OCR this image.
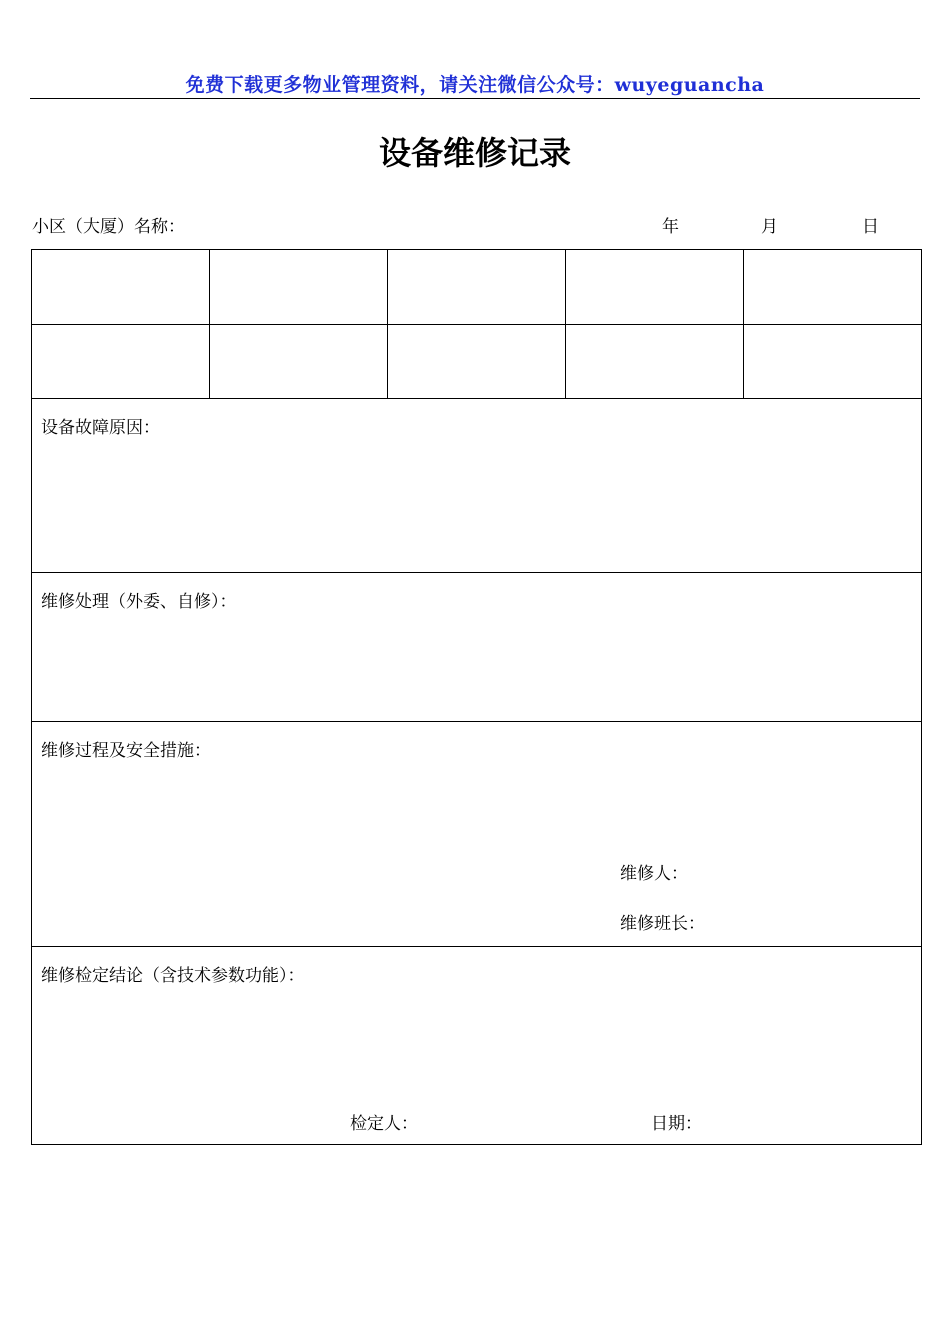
免费下载更多物业管理资料，请关注微信公众号：wuyeguancha
设备维修记录
小区（大厦）名称：	年	月	日
设备故障原因：
维修处理（外委、自修）：
维修过程及安全措施：
维修人：
维修班长：
维修检定结论（含技术参数功能）：
检定人：	日期：
